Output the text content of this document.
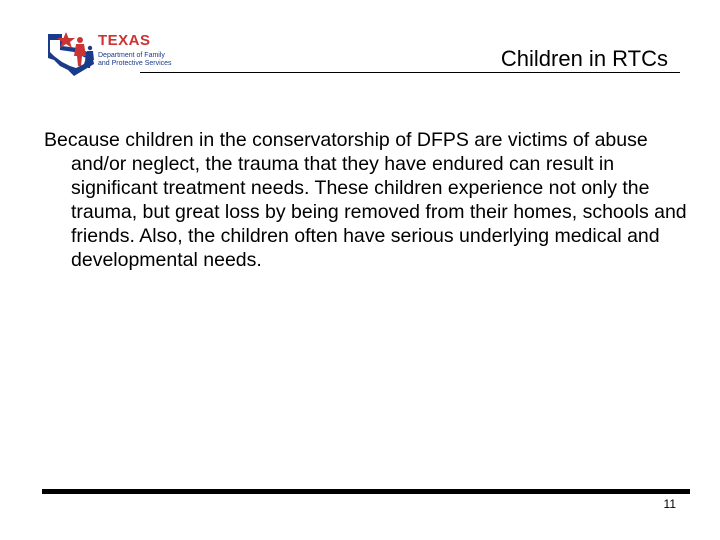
TEXAS
Department of Family
and Protective Services	Children in RTCs
Because children in the conservatorship of DFPS are victims of abuse and/or neglect, the trauma that they have endured can result in significant treatment needs. These children experience not only the trauma, but great loss by being removed from their homes, schools and friends. Also, the children often have serious underlying medical and developmental needs.
11
